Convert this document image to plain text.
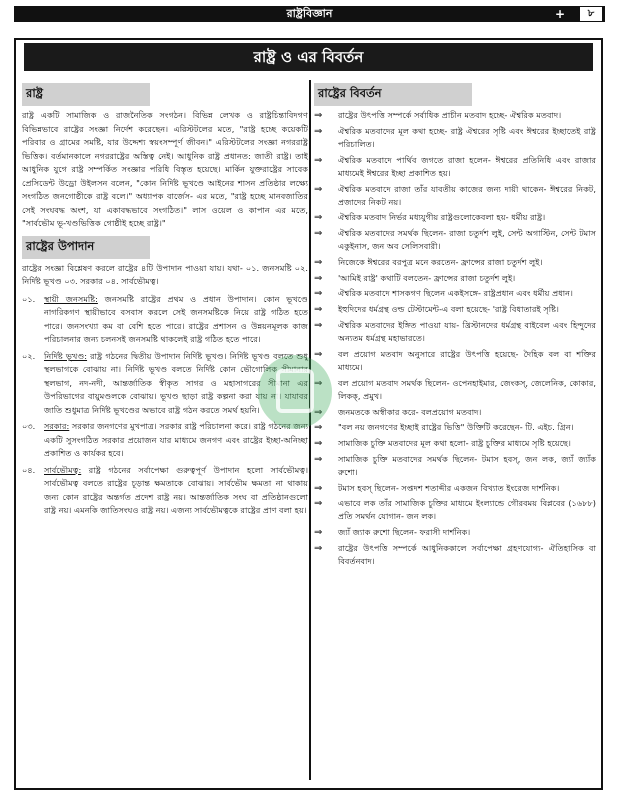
রাষ্ট্রবিজ্ঞান	+	৮
রাষ্ট্র ও এর বিবর্তন
রাষ্ট্র

রাষ্ট্র একটি সামাজিক ও রাজনৈতিক সংগঠন। বিভিন্ন লেখক ও রাষ্ট্রচিন্তাবিদগণ বিভিন্নভাবে রাষ্ট্রের সংজ্ঞা নির্দেশ করেছেন। এরিস্টটলের মতে, "রাষ্ট্র হচ্ছে কয়েকটি পরিবার ও গ্রামের সমষ্টি, যার উদ্দেশ্য স্বয়ংসম্পূর্ণ জীবন।" এরিস্টটলের সংজ্ঞা নগররাষ্ট্র ভিত্তিক। বর্তমানকালে নগররাষ্ট্রের অস্তিত্ব নেই। আধুনিক রাষ্ট্র প্রধানত: জাতী রাষ্ট্র। তাই আধুনিক যুগে রাষ্ট্র সম্পর্কিত সংজ্ঞার পরিধি বিস্তৃত হয়েছে। মার্কিন যুক্তরাষ্ট্রের সাবেক প্রেসিডেন্ট উড্রো উইলসন বলেন, "কোন নির্দিষ্ট ভূখণ্ডে আইনের শাসন প্রতিষ্ঠার লক্ষ্যে সংগঠিত জনগোষ্ঠীকে রাষ্ট্র বলে।" অধ্যাপক বার্জেস- এর মতে, "রাষ্ট্র হচ্ছে মানবজাতির সেই সংঘবদ্ধ অংশ, যা একাবদ্ধভাবে সংগঠিত।" লাস ওয়েল ও কাপান এর মতে, "সার্বভৌম ভূ-খণ্ডভিত্তিক গোষ্ঠীই হচ্ছে রাষ্ট্র।"

রাষ্ট্রের উপাদান

রাষ্ট্রের সংজ্ঞা বিশ্লেষণ করলে রাষ্ট্রের ৪টি উপাদান পাওয়া যায়। যথা- ০১. জনসমষ্টি ০২. নির্দিষ্ট ভূখণ্ড ০৩. সরকার ০৪. সার্বভৌমত্ব।

০১.	স্থায়ী জনসমষ্টি: জনসমষ্টি রাষ্ট্রের প্রথম ও প্রধান উপাদান। কোন ভূখণ্ডে নাগরিকগণ স্থায়ীভাবে বসবাস করলে সেই জনসমষ্টিকে নিয়ে রাষ্ট্র গঠিত হতে পারে। জনসংখ্যা কম বা বেশি হতে পারে। রাষ্ট্রের প্রশাসন ও উন্নয়নমূলক কাজ পরিচালনার জন্য চলনসই জনসমষ্টি থাকলেই রাষ্ট্র গঠিত হতে পারে।
০২.	নির্দিষ্ট ভূখণ্ড: রাষ্ট্র গঠনের দ্বিতীয় উপাদান নির্দিষ্ট ভূখণ্ড। নির্দিষ্ট ভূখণ্ড বলতে শুধু স্থলভাগকে বোঝায় না। নির্দিষ্ট ভূখণ্ড বলতে নির্দিষ্ট কোন ভৌগোলিক সীমানার স্থলভাগ, নদ-নদী, আন্তর্জাতিক স্বীকৃত সাগর ও মহাসাগরের সীমানা এর উপরিভাগের বায়ুমণ্ডলকে বোঝায়। ভূখণ্ড ছাড়া রাষ্ট্র কল্পনা করা যায় না। যাযাবর জাতি শুধুমাত্র নির্দিষ্ট ভূখণ্ডের অভাবে রাষ্ট্র গঠন করতে সমর্থ হয়নি।
০৩.	সরকার: সরকার জনগণের মুখপাত্র। সরকার রাষ্ট্র পরিচালনা করে। রাষ্ট্র গঠনের জন্য একটি সুসংগঠিত সরকার প্রয়োজন যার মাধ্যমে জনগণ এবং রাষ্ট্রের ইচ্ছা-অনিচ্ছা প্রকাশিত ও কার্যকর হবে।
০৪.	সার্বভৌমত্ব: রাষ্ট্র গঠনের সর্বাপেক্ষা গুরুত্বপূর্ণ উপাদান হলো সার্বভৌমত্ব। সার্বভৌমত্ব বলতে রাষ্ট্রের চূড়ান্ত ক্ষমতাকে বোঝায়। সার্বভৌম ক্ষমতা না থাকায় জন্য কোন রাষ্ট্রের অন্তর্গত প্রদেশ রাষ্ট্র নয়। আন্তর্জাতিক সংঘ বা প্রতিষ্ঠানগুলো রাষ্ট্র নয়। এমনকি জাতিসংঘও রাষ্ট্র নয়। এজন্য সার্বভৌমত্বকে রাষ্ট্রের প্রাণ বলা হয়।
রাষ্ট্রের বিবর্তন
⇒	রাষ্ট্রের উৎপত্তি সম্পর্কে সর্বাধিক প্রাচীন মতবাদ হচ্ছে- ঐশ্বরিক মতবাদ।
⇒	ঐশ্বরিক মতবাদের মূল কথা হচ্ছে- রাষ্ট্র ঐশ্বরের সৃষ্টি এবং ঈশ্বরের ইচ্ছাতেই রাষ্ট্র পরিচালিত।
⇒	ঐশ্বরিক মতবাদে পার্থিব জগতে রাজা হলেন- ঈশ্বরের প্রতিনিধি এবং রাজার মাধ্যমেই ঈশ্বরের ইচ্ছা প্রকাশিত হয়।
⇒	ঐশ্বরিক মতবাদে রাজা তাঁর যাবতীয় কাজের জন্য দায়ী থাকেন- ঈশ্বরের নিকট, প্রজাদের নিকট নয়।
⇒	ঐশ্বরিক মতবাদ নির্ভর মধ্যযুগীয় রাষ্ট্রগুলোকেবলা হয়- ধর্মীয় রাষ্ট্র।
⇒	ঐশ্বরিক মতবাদের সমর্থক ছিলেন- রাজা চতুর্দশ লুই, সেন্ট অগাস্টিন, সেন্ট টমাস একুইনাস, জন অব সেলিসবারী।
⇒	নিজেকে ঈশ্বরের বরপুত্র মনে করতেন- ফ্রান্সের রাজা চতুর্দশ লুই।
⇒	'আমিই রাষ্ট্র' কথাটি বলতেন- ফ্রান্সের রাজা চতুর্দশ লুই।
⇒	ঐশ্বরিক মতবাদে শাসকগণ ছিলেন একইসঙ্গে- রাষ্ট্রপ্রধান এবং ধর্মীয় প্রধান।
⇒	ইহুদিদের ধর্মগ্রন্থ ওল্ড টেস্টামেন্ট-এ বলা হয়েছে- 'রাষ্ট্র বিধাতারই সৃষ্টি।
⇒	ঐশ্বরিক মতবাদের ইঙ্গিত পাওয়া যায়- খ্রিস্টানদের ধর্মগ্রন্থ বাইবেল এবং হিন্দুদের অন্যতম ধর্মগ্রন্থ মহাভারতে।
⇒	বল প্রয়োগ মতবাদ অনুসারে রাষ্ট্রের উৎপত্তি হয়েছে- দৈহিক বল বা শক্তির মাধ্যমে।
⇒	বল প্রয়োগ মতবাদ সমর্থক ছিলেন- ওপেনহাইমার, জেংকস্, জেলেনিক, কোকার, লিকক্, প্রমুখ।
⇒	জনমতকে অস্বীকার করে- বলপ্রয়োগ মতবাদ।
⇒	"বল নয় জনগণের ইচ্ছাই রাষ্ট্রের ভিত্তি" উক্তিটি করেছেন- টি. এইচ. গ্রিন।
⇒	সামাজিক চুক্তি মতবাদের মূল কথা হলো- রাষ্ট্র চুক্তির মাধ্যমে সৃষ্টি হয়েছে।
⇒	সামাজিক চুক্তি মতবাদের সমর্থক ছিলেন- টমাস হবস্, জন লক, জ্যাঁ জ্যাঁক রুশো।
⇒	টমাস হবস্ ছিলেন- সপ্তদশ শতাব্দীর একজন বিখ্যাত ইংরেজ দার্শনিক।
⇒	এভাবে লক তাঁর সামাজিক চুক্তির মাধ্যমে ইংল্যান্ডে গৌরবময় বিপ্লবের (১৬৮৮) প্রতি সমর্থন যোগান- জন লক।
⇒	জ্যাঁ জ্যাক রুশো ছিলেন- ফরাসী দার্শনিক।
⇒	রাষ্ট্রের উৎপত্তি সম্পর্কে আধুনিককালে সর্বাপেক্ষা গ্রহণযোগ্য- ঐতিহাসিক বা বিবর্তনবাদ।
